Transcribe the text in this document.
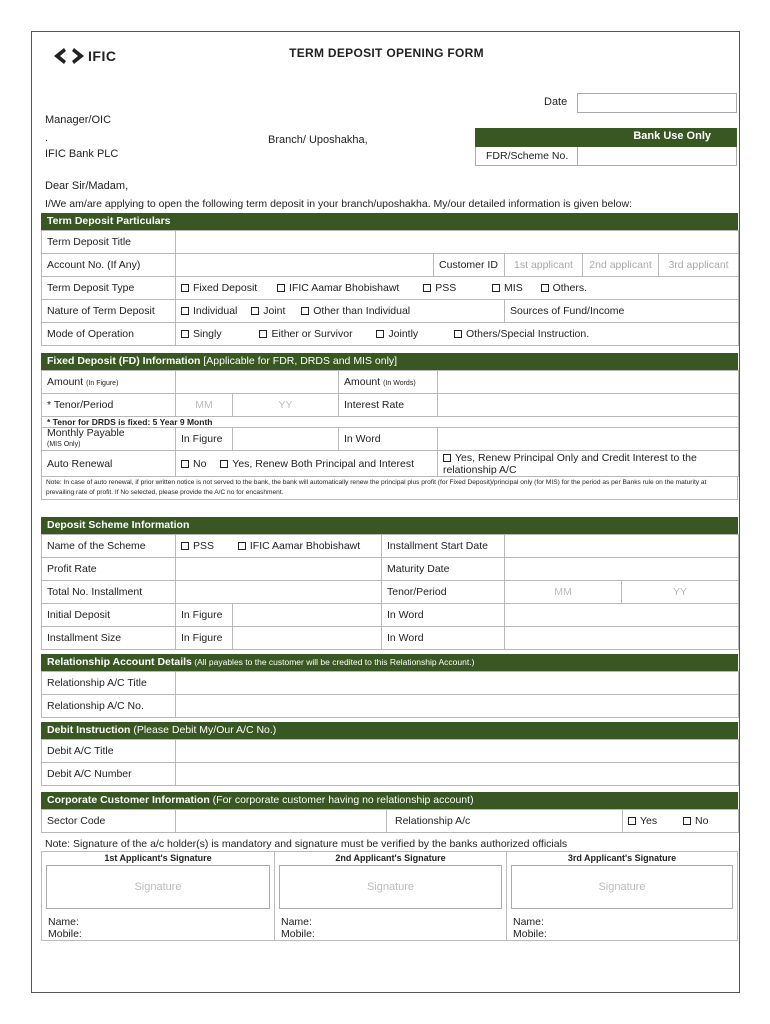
IFIC	TERM DEPOSIT OPENING FORM
Date
Manager/OIC
.	Branch/ Uposhakha,
IFIC Bank PLC
Bank Use Only
FDR/Scheme No.
Dear Sir/Madam,
I/We am/are applying to open the following term deposit in your branch/uposhakha. My/our detailed information is given below:
Term Deposit Particulars
Term Deposit Title					
Account No. (If Any)		Customer ID	1st applicant	2nd applicant	3rd applicant
Term Deposit Type	Fixed Deposit IFIC Aamar Bhobishawt PSS MIS Others.				
Nature of Term Deposit	Individual Joint Other than Individual		Sources of Fund/Income		
Mode of Operation	Singly Either or Survivor Jointly Others/Special Instruction.				
Fixed Deposit (FD) Information [Applicable for FDR, DRDS and MIS only]
Amount (In Figure)			Amount (In Words)	
* Tenor/Period	MM	YY	Interest Rate	
* Tenor for DRDS is fixed: 5 Year 9 Month				
Monthly Payable
(MIS Only)	In Figure		In Word	
Auto Renewal	No Yes, Renew Both Principal and Interest			Yes, Renew Principal Only and Credit Interest to the relationship A/C
Note: In case of auto renewal, if prior written notice is not served to the bank, the bank will automatically renew the principal plus profit (for Fixed Deposit)/principal only (for MIS) for the period as per Banks rule on the maturity at prevailing rate of profit. If No selected, please provide the A/C no for encashment.
Deposit Scheme Information
Name of the Scheme	PSS IFIC Aamar Bhobishawt		Installment Start Date		
Profit Rate			Maturity Date		
Total No. Installment			Tenor/Period	MM	YY
Initial Deposit	In Figure		In Word		
Installment Size	In Figure		In Word		
Relationship Account Details (All payables to the customer will be credited to this Relationship Account.)
Relationship A/C Title	
Relationship A/C No.	
Debit Instruction (Please Debit My/Our A/C No.)
Debit A/C Title	
Debit A/C Number	
Corporate Customer Information (For corporate customer having no relationship account)
Sector Code		Relationship A/c	Yes	No
Note: Signature of the a/c holder(s) is mandatory and signature must be verified by the banks authorized officials
1st Applicant's Signature
Signature
Name:
Mobile:
2nd Applicant's Signature
Signature
Name:
Mobile:
3rd Applicant's Signature
Signature
Name:
Mobile:
